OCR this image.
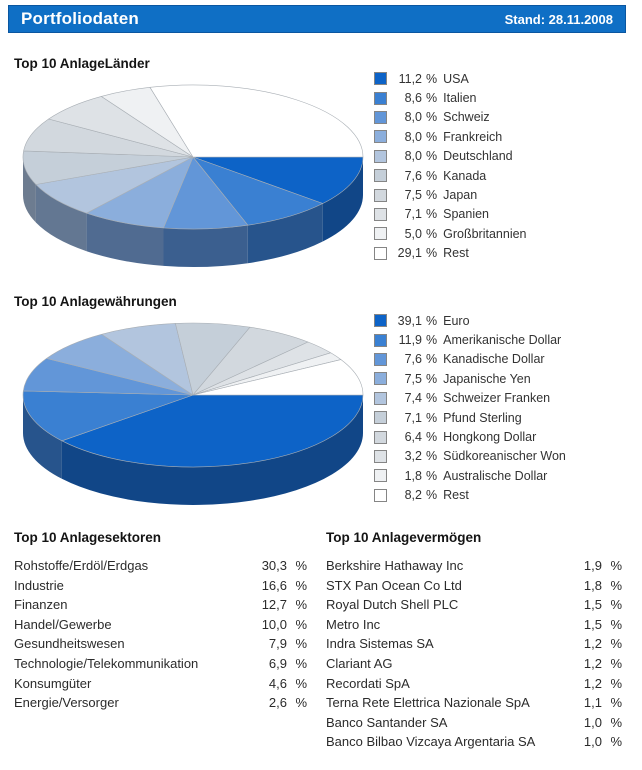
Portfoliodaten	Stand: 28.11.2008
Top 10 AnlageLänder
11,2 % USA
8,6 % Italien
8,0 % Schweiz
8,0 % Frankreich
8,0 % Deutschland
7,6 % Kanada
7,5 % Japan
7,1 % Spanien
5,0 % Großbritannien
29,1 % Rest
Top 10 Anlagewährungen
39,1 % Euro
11,9 % Amerikanische Dollar
7,6 % Kanadische Dollar
7,5 % Japanische Yen
7,4 % Schweizer Franken
7,1 % Pfund Sterling
6,4 % Hongkong Dollar
3,2 % Südkoreanischer Won
1,8 % Australische Dollar
8,2 % Rest
Top 10 Anlagesektoren	Top 10 Anlagevermögen
Rohstoffe/Erdöl/Erdgas	30,3 %
Industrie	16,6 %
Finanzen	12,7 %
Handel/Gewerbe	10,0 %
Gesundheitswesen	7,9 %
Technologie/Telekommunikation	6,9 %
Konsumgüter	4,6 %
Energie/Versorger	2,6 %
Berkshire Hathaway Inc	1,9 %
STX Pan Ocean Co Ltd	1,8 %
Royal Dutch Shell PLC	1,5 %
Metro Inc	1,5 %
Indra Sistemas SA	1,2 %
Clariant AG	1,2 %
Recordati SpA	1,2 %
Terna Rete Elettrica Nazionale SpA	1,1 %
Banco Santander SA	1,0 %
Banco Bilbao Vizcaya Argentaria SA	1,0 %
